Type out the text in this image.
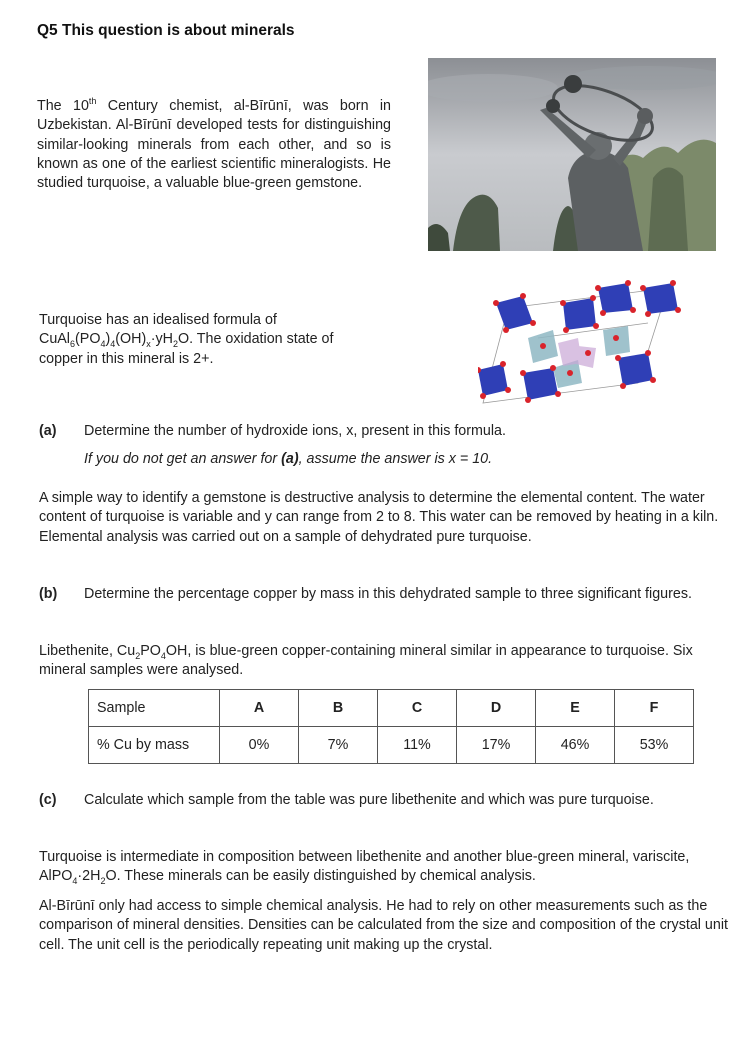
Q5 This question is about minerals
The 10th Century chemist, al-Bīrūnī, was born in Uzbekistan. Al-Bīrūnī developed tests for distinguishing similar-looking minerals from each other, and so is known as one of the earliest scientific mineralogists. He studied turquoise, a valuable blue-green gemstone.
Turquoise has an idealised formula of
$CuAl_6(PO_4)_4(OH)_x\cdot yH_2O$. The oxidation state of copper in this mineral is 2+.
(a) Determine the number of hydroxide ions, x, present in this formula.
If you do not get an answer for (a), assume the answer is x = 10.
A simple way to identify a gemstone is destructive analysis to determine the elemental content. The water content of turquoise is variable and y can range from 2 to 8. This water can be removed by heating in a kiln. Elemental analysis was carried out on a sample of dehydrated pure turquoise.
(b) Determine the percentage copper by mass in this dehydrated sample to three significant figures.
Libethenite, $Cu_2PO_4OH$, is blue-green copper-containing mineral similar in appearance to turquoise. Six mineral samples were analysed.
Sample	A	B	C	D	E	F
% Cu by mass	0%	7%	11%	17%	46%	53%
(c) Calculate which sample from the table was pure libethenite and which was pure turquoise.
Turquoise is intermediate in composition between libethenite and another blue-green mineral, variscite, $AlPO_4\cdot 2H_2O$. These minerals can be easily distinguished by chemical analysis.
Al-Bīrūnī only had access to simple chemical analysis. He had to rely on other measurements such as the comparison of mineral densities. Densities can be calculated from the size and composition of the crystal unit cell. The unit cell is the periodically repeating unit making up the crystal.
